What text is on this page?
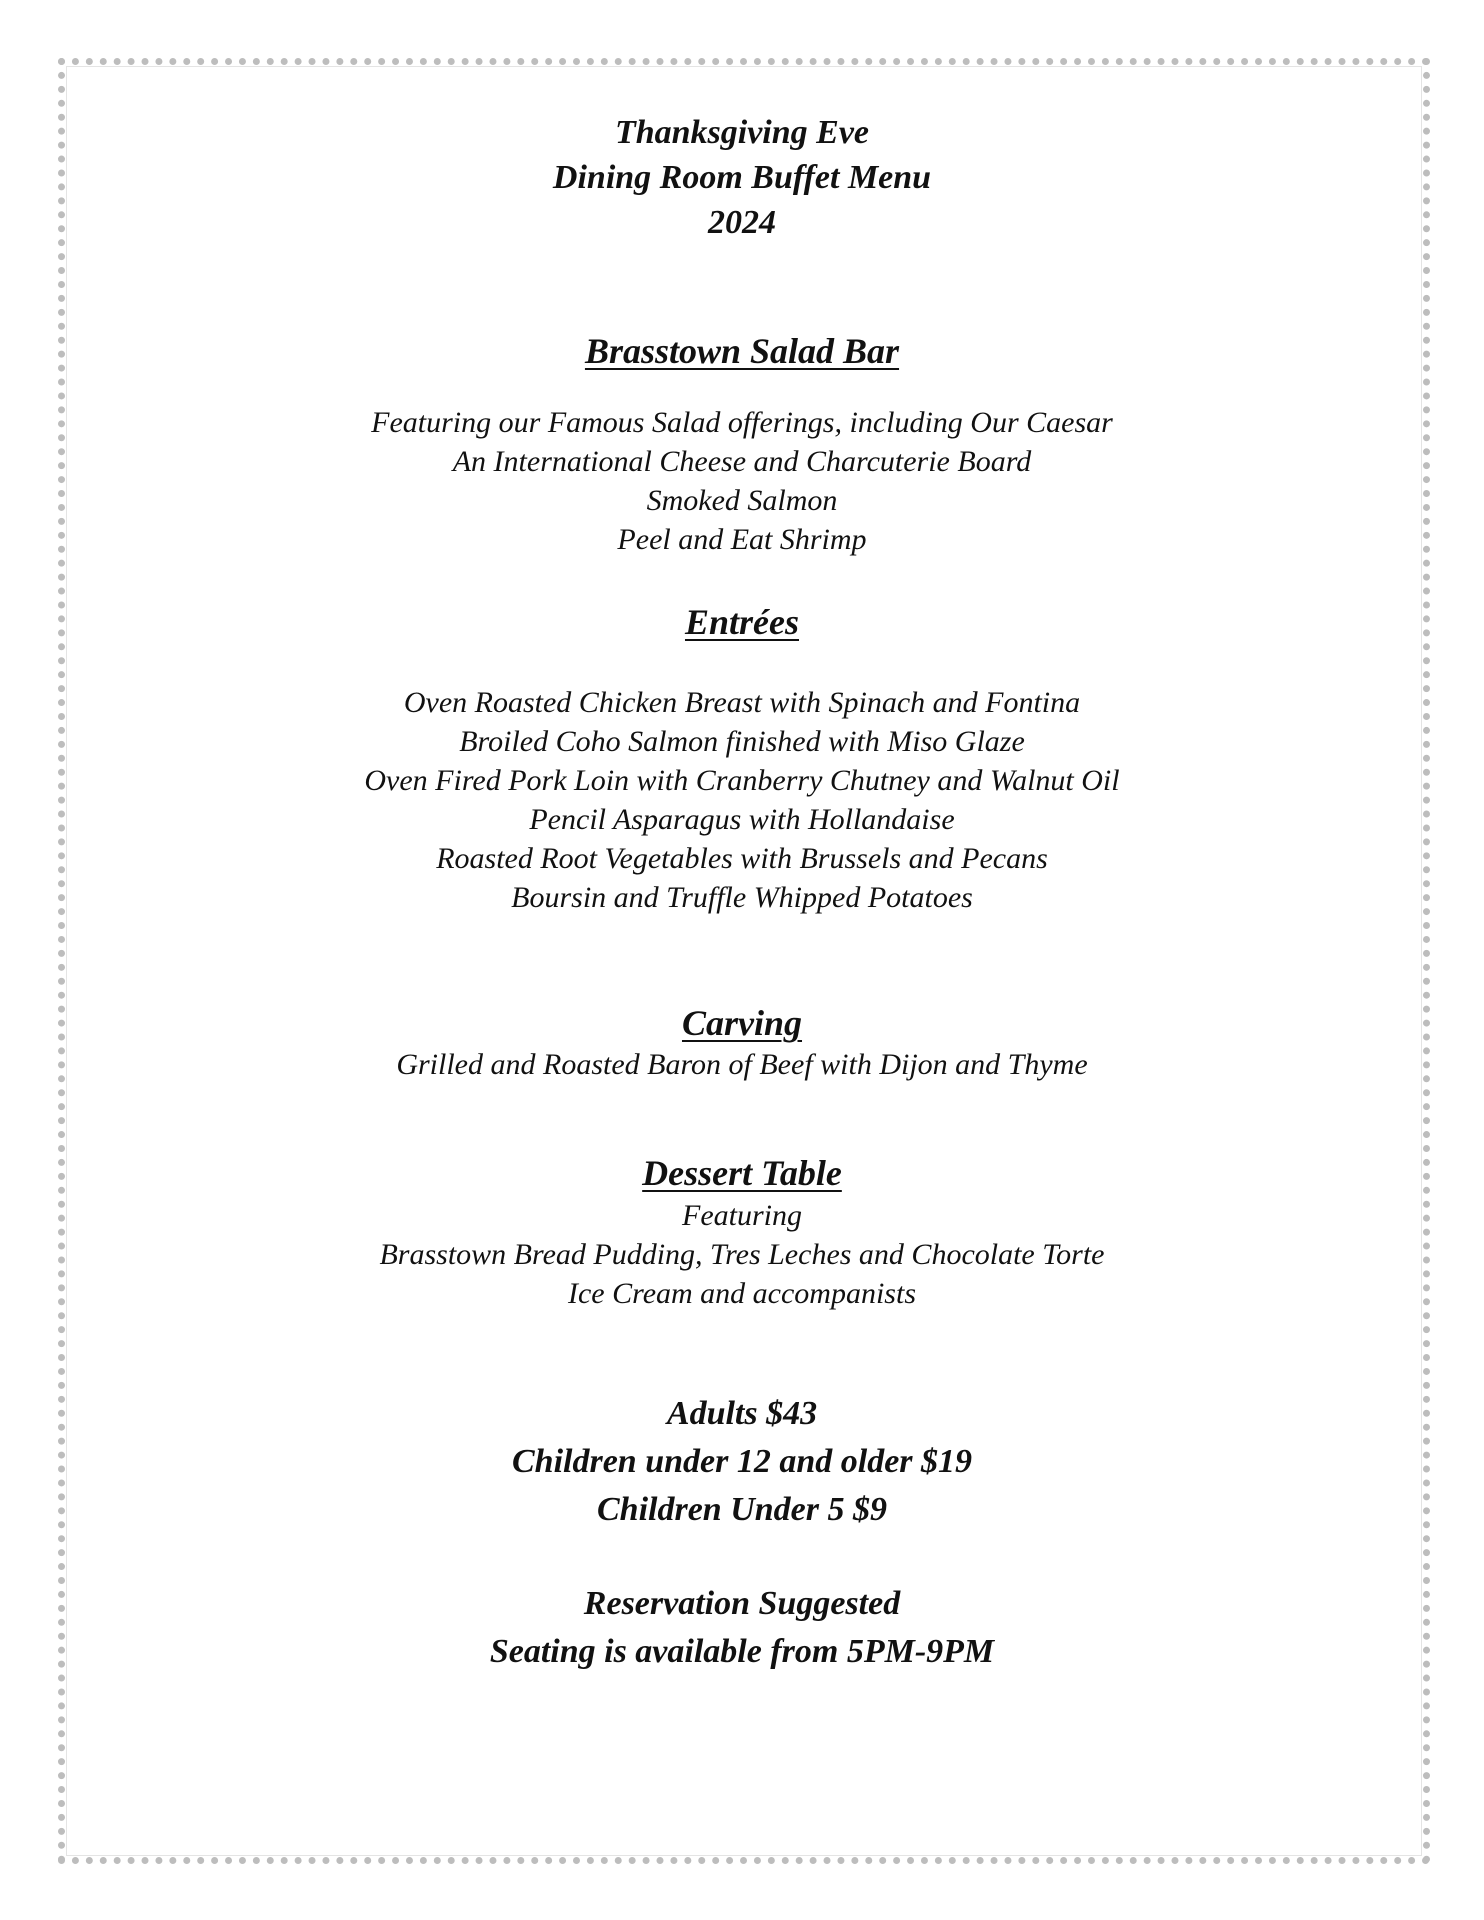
Thanksgiving Eve
Dining Room Buffet Menu
2024
Brasstown Salad Bar
Featuring our Famous Salad offerings, including Our Caesar
An International Cheese and Charcuterie Board
Smoked Salmon
Peel and Eat Shrimp
Entrées
Oven Roasted Chicken Breast with Spinach and Fontina
Broiled Coho Salmon finished with Miso Glaze
Oven Fired Pork Loin with Cranberry Chutney and Walnut Oil
Pencil Asparagus with Hollandaise
Roasted Root Vegetables with Brussels and Pecans
Boursin and Truffle Whipped Potatoes
Carving
Grilled and Roasted Baron of Beef with Dijon and Thyme
Dessert Table
Featuring
Brasstown Bread Pudding, Tres Leches and Chocolate Torte
Ice Cream and accompanists
Adults $43
Children under 12 and older $19
Children Under 5 $9
Reservation Suggested
Seating is available from 5PM-9PM
